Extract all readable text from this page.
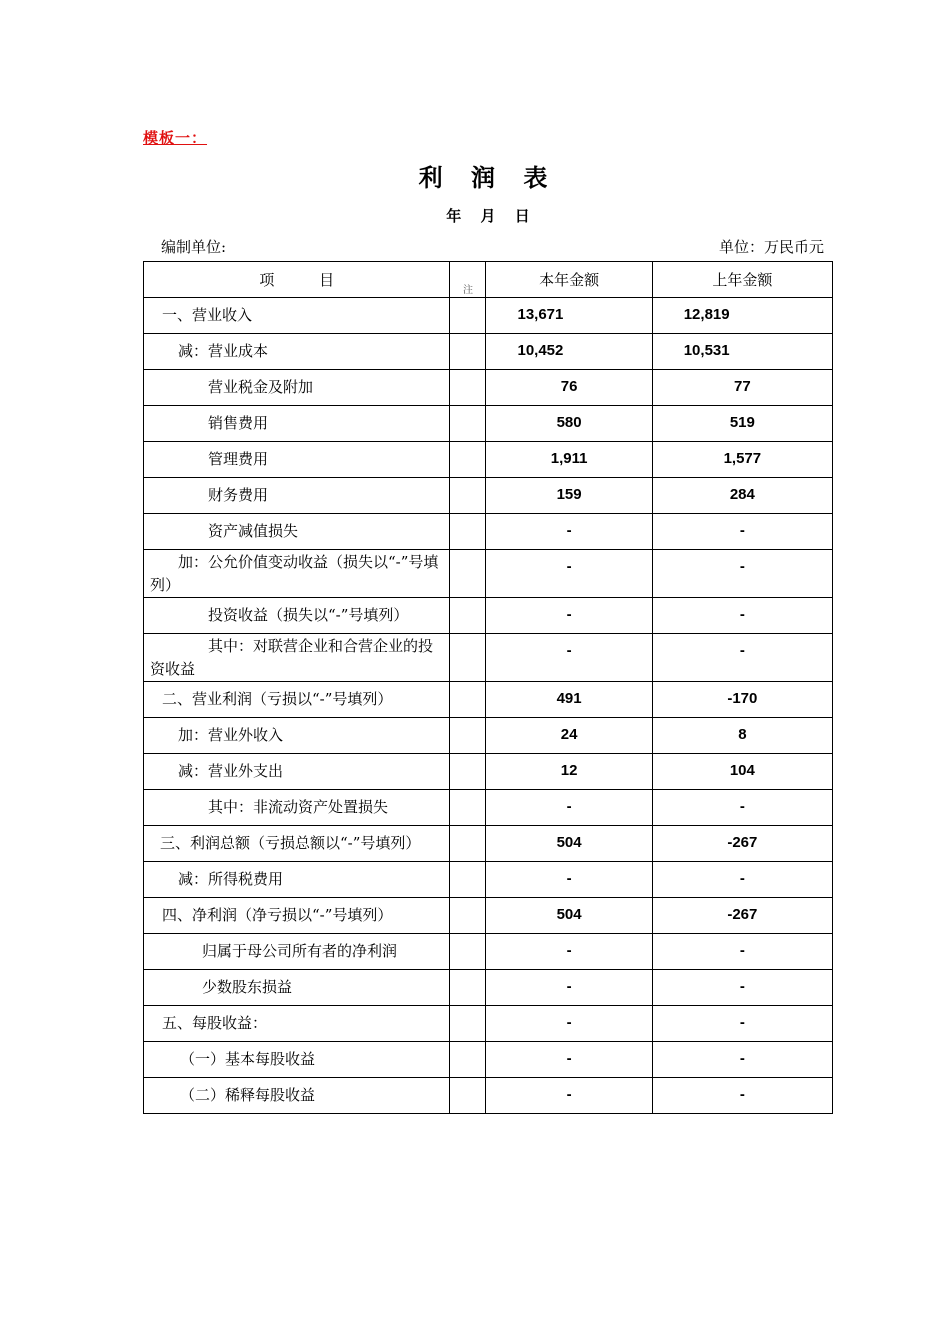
模板一：
利 润 表
年 月 日
编制单位:	单位：万民币元
项 目	注	本年金额	上年金额

一、营业收入		13,671	12,819

减：营业成本		10,452	10,531

营业税金及附加		76	77

销售费用		580	519

管理费用		1,911	1,577

财务费用		159	284

资产减值损失		-	-

加：公允价值变动收益（损失以“-”号填列）		-	-

投资收益（损失以“-”号填列）		-	-

其中：对联营企业和合营企业的投资收益		-	-

二、营业利润（亏损以“-”号填列）		491	-170

加：营业外收入		24	8

减：营业外支出		12	104

其中：非流动资产处置损失		-	-

三、利润总额（亏损总额以“-”号填列）		504	-267

减：所得税费用		-	-

四、净利润（净亏损以“-”号填列）		504	-267

归属于母公司所有者的净利润		-	-

少数股东损益		-	-

五、每股收益：		-	-

（一）基本每股收益		-	-

（二）稀释每股收益		-	-
